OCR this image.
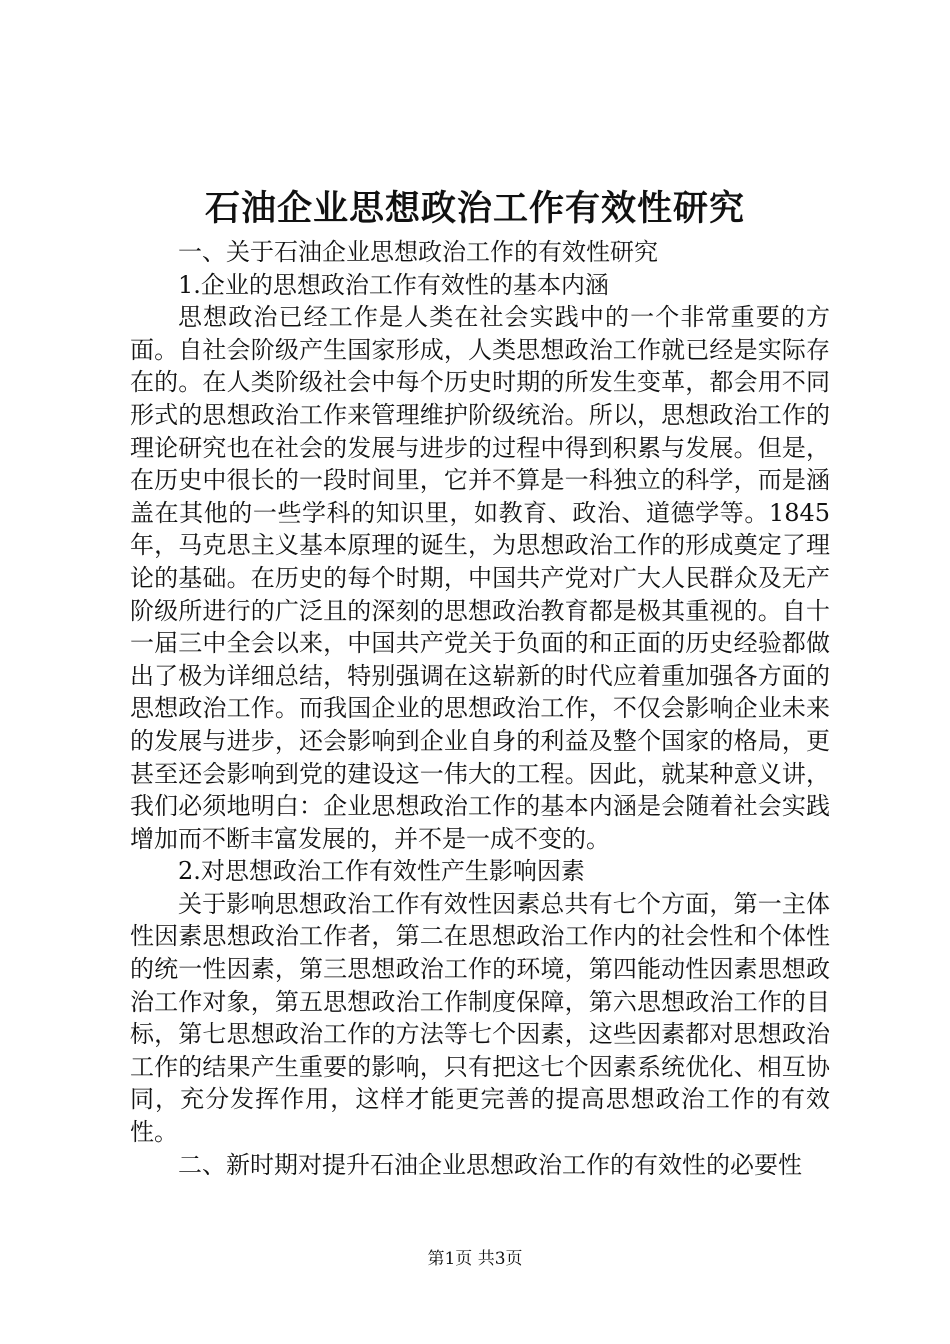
石油企业思想政治工作有效性研究

一、关于石油企业思想政治工作的有效性研究

1.企业的思想政治工作有效性的基本内涵

思想政治已经工作是人类在社会实践中的一个非常重要的方面。自社会阶级产生国家形成，人类思想政治工作就已经是实际存在的。在人类阶级社会中每个历史时期的所发生变革，都会用不同形式的思想政治工作来管理维护阶级统治。所以，思想政治工作的理论研究也在社会的发展与进步的过程中得到积累与发展。但是，在历史中很长的一段时间里，它并不算是一科独立的科学，而是涵盖在其他的一些学科的知识里，如教育、政治、道德学等。1845年，马克思主义基本原理的诞生，为思想政治工作的形成奠定了理论的基础。在历史的每个时期，中国共产党对广大人民群众及无产阶级所进行的广泛且的深刻的思想政治教育都是极其重视的。自十一届三中全会以来，中国共产党关于负面的和正面的历史经验都做出了极为详细总结，特别强调在这崭新的时代应着重加强各方面的思想政治工作。而我国企业的思想政治工作，不仅会影响企业未来的发展与进步，还会影响到企业自身的利益及整个国家的格局，更甚至还会影响到党的建设这一伟大的工程。因此，就某种意义讲，我们必须地明白：企业思想政治工作的基本内涵是会随着社会实践增加而不断丰富发展的，并不是一成不变的。

2.对思想政治工作有效性产生影响因素

关于影响思想政治工作有效性因素总共有七个方面，第一主体性因素思想政治工作者，第二在思想政治工作内的社会性和个体性的统一性因素，第三思想政治工作的环境，第四能动性因素思想政治工作对象，第五思想政治工作制度保障，第六思想政治工作的目标，第七思想政治工作的方法等七个因素，这些因素都对思想政治工作的结果产生重要的影响，只有把这七个因素系统优化、相互协同，充分发挥作用，这样才能更完善的提高思想政治工作的有效性。

二、新时期对提升石油企业思想政治工作的有效性的必要性

第1页 共3页
